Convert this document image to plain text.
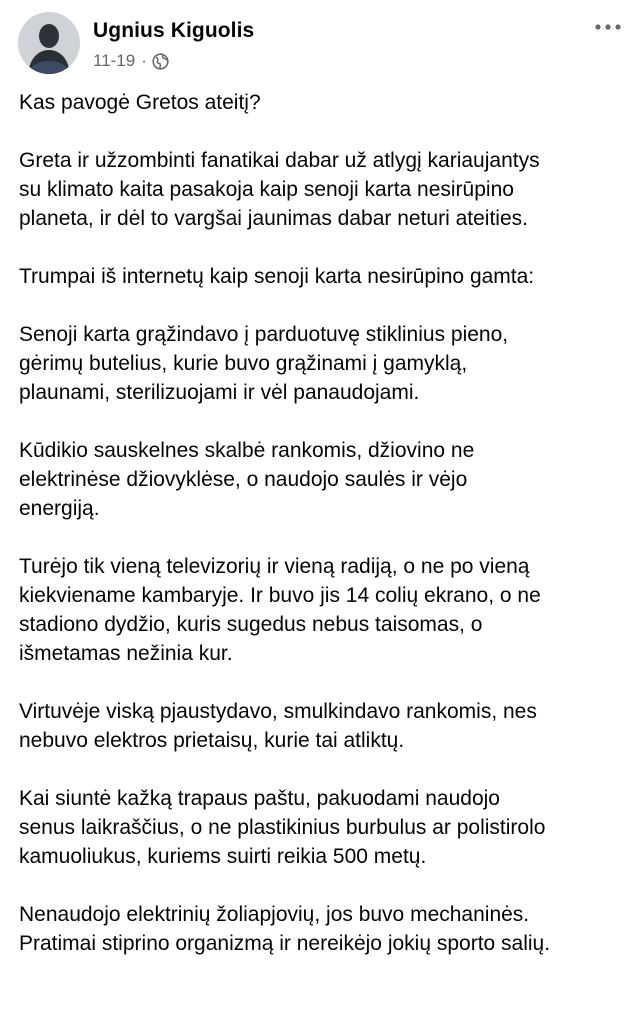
Ugnius Kiguolis
11-19 ·

Kas pavogė Gretos ateitį?

Greta ir užzombinti fanatikai dabar už atlygį kariaujantys
su klimato kaita pasakoja kaip senoji karta nesirūpino
planeta, ir dėl to vargšai jaunimas dabar neturi ateities.

Trumpai iš internetų kaip senoji karta nesirūpino gamta:

Senoji karta grąžindavo į parduotuvę stiklinius pieno,
gėrimų butelius, kurie buvo grąžinami į gamyklą,
plaunami, sterilizuojami ir vėl panaudojami.

Kūdikio sauskelnes skalbė rankomis, džiovino ne
elektrinėse džiovyklėse, o naudojo saulės ir vėjo
energiją.

Turėjo tik vieną televizorių ir vieną radiją, o ne po vieną
kiekviename kambaryje. Ir buvo jis 14 colių ekrano, o ne
stadiono dydžio, kuris sugedus nebus taisomas, o
išmetamas nežinia kur.

Virtuvėje viską pjaustydavo, smulkindavo rankomis, nes
nebuvo elektros prietaisų, kurie tai atliktų.

Kai siuntė kažką trapaus paštu, pakuodami naudojo
senus laikraščius, o ne plastikinius burbulus ar polistirolo
kamuoliukus, kuriems suirti reikia 500 metų.

Nenaudojo elektrinių žoliapjovių, jos buvo mechaninės.
Pratimai stiprino organizmą ir nereikėjo jokių sporto salių.
